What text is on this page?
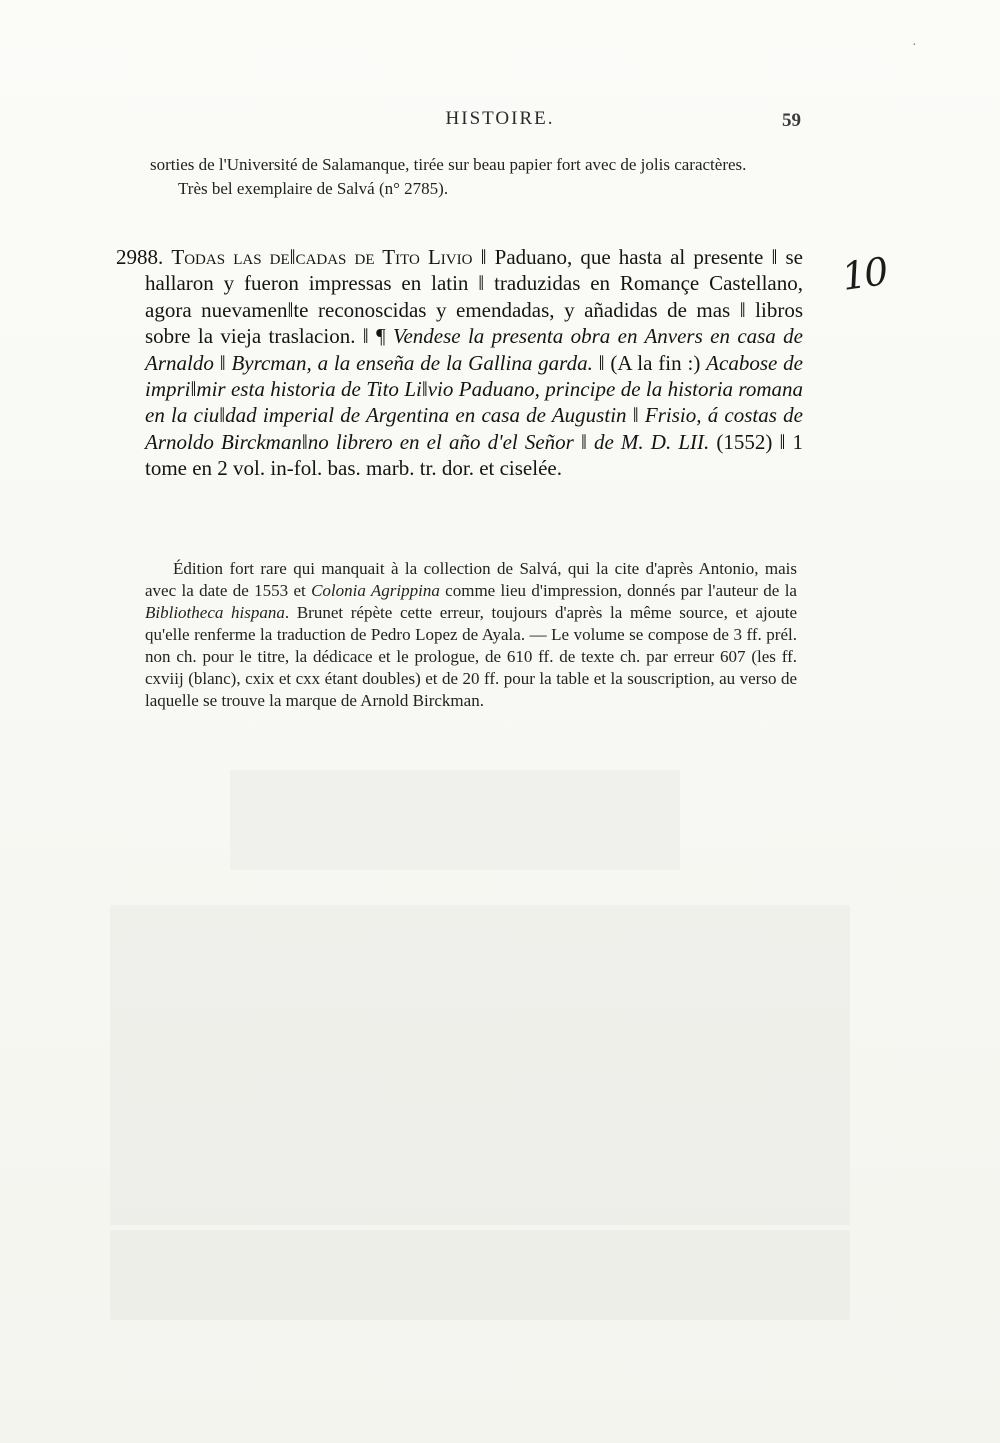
·
HISTOIRE.	59

sorties de l'Université de Salamanque, tirée sur beau papier fort avec de jolis caractères.

Très bel exemplaire de Salvá (n° 2785).

2988. Todas las de‖cadas de Tito Livio ‖ Paduano, que hasta al presente ‖ se hallaron y fueron impressas en latin ‖ traduzidas en Romançe Castellano, agora nuevamen‖te reconoscidas y emendadas, y añadidas de mas ‖ libros sobre la vieja traslacion. ‖ ¶ Vendese la presenta obra en Anvers en casa de Arnaldo ‖ Byrcman, a la enseña de la Gallina garda. ‖ (A la fin :) Acabose de impri‖mir esta historia de Tito Li‖vio Paduano, principe de la historia romana en la ciu‖dad imperial de Argentina en casa de Augustin ‖ Frisio, á costas de Arnoldo Birckman‖no librero en el año d'el Señor ‖ de M. D. LII. (1552) ‖ 1 tome en 2 vol. in-fol. bas. marb. tr. dor. et ciselée.

Édition fort rare qui manquait à la collection de Salvá, qui la cite d'après Antonio, mais avec la date de 1553 et Colonia Agrippina comme lieu d'impression, donnés par l'auteur de la Bibliotheca hispana. Brunet répète cette erreur, toujours d'après la même source, et ajoute qu'elle renferme la traduction de Pedro Lopez de Ayala. — Le volume se compose de 3 ff. prél. non ch. pour le titre, la dédicace et le prologue, de 610 ff. de texte ch. par erreur 607 (les ff. cxviij (blanc), cxix et cxx étant doubles) et de 20 ff. pour la table et la souscription, au verso de laquelle se trouve la marque de Arnold Birckman.

10
